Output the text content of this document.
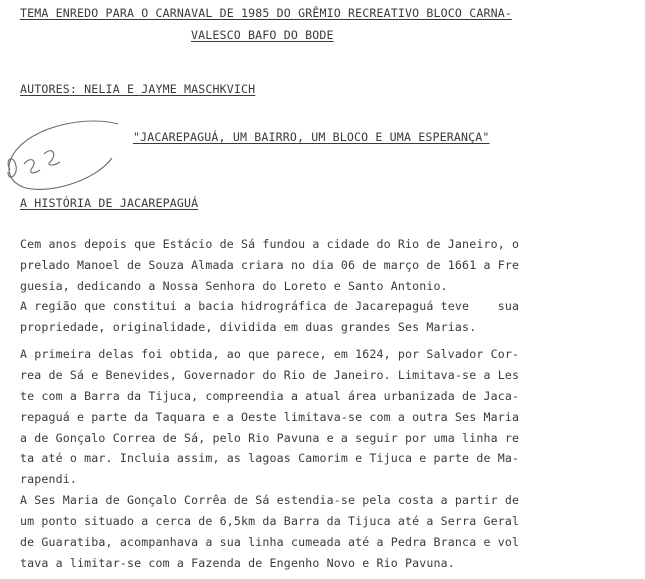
TEMA ENREDO PARA O CARNAVAL DE 1985 DO GRÊMIO RECREATIVO BLOCO CARNA-
VALESCO BAFO DO BODE
AUTORES: NELIA E JAYME MASCHKVICH
"JACAREPAGUÁ, UM BAIRRO, UM BLOCO E UMA ESPERANÇA"
A HISTÓRIA DE JACAREPAGUÁ
Cem anos depois que Estácio de Sá fundou a cidade do Rio de Janeiro, o
prelado Manoel de Souza Almada criara no dia 06 de março de 1661 a Fre
guesia, dedicando a Nossa Senhora do Loreto e Santo Antonio.
A região que constitui a bacia hidrográfica de Jacarepaguá teve    sua
propriedade, originalidade, dividida em duas grandes Ses Marias.
A primeira delas foi obtida, ao que parece, em 1624, por Salvador Cor-
rea de Sá e Benevides, Governador do Rio de Janeiro. Limitava-se a Les
te com a Barra da Tijuca, compreendia a atual área urbanizada de Jaca-
repaguá e parte da Taquara e a Oeste limitava-se com a outra Ses Maria
a de Gonçalo Correa de Sá, pelo Rio Pavuna e a seguir por uma linha re
ta até o mar. Incluia assim, as lagoas Camorim e Tijuca e parte de Ma-
rapendi.
A Ses Maria de Gonçalo Corrêa de Sá estendia-se pela costa a partir de
um ponto situado a cerca de 6,5km da Barra da Tijuca até a Serra Geral
de Guaratiba, acompanhava a sua linha cumeada até a Pedra Branca e vol
tava a limitar-se com a Fazenda de Engenho Novo e Rio Pavuna.
